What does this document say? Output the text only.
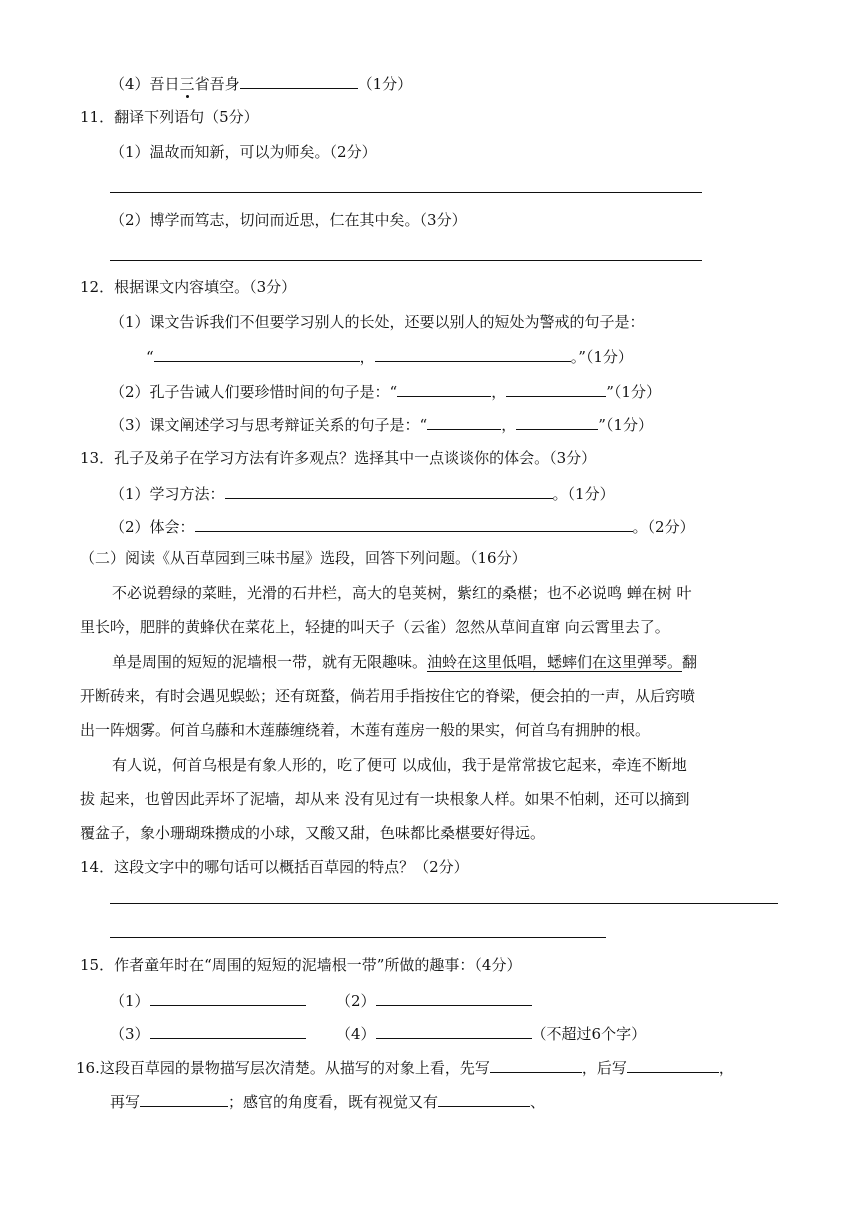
（4）吾日三省吾身	（1分）
11．翻译下列语句（5分）
（1）温故而知新，可以为师矣。（2分）
（2）博学而笃志，切问而近思，仁在其中矣。（3分）
12．根据课文内容填空。（3分）
（1）课文告诉我们不但要学习别人的长处，还要以别人的短处为警戒的句子是：
“	，	。”（1分）
（2）孔子告诫人们要珍惜时间的句子是：“	，	”（1分）
（3）课文阐述学习与思考辩证关系的句子是：“	，	”（1分）
13．孔子及弟子在学习方法有许多观点？选择其中一点谈谈你的体会。（3分）
（1）学习方法：	。（1分）
（2）体会：	。（2分）
（二）阅读《从百草园到三味书屋》选段，回答下列问题。（16分）
不必说碧绿的菜畦，光滑的石井栏，高大的皂荚树，紫红的桑椹；也不必说鸣 蝉在树 叶
里长吟，肥胖的黄蜂伏在菜花上，轻捷的叫天子（云雀）忽然从草间直窜 向云霄里去了。
单是周围的短短的泥墙根一带，就有无限趣味。油蛉在这里低唱，蟋蟀们在这里弹琴。翻
开断砖来，有时会遇见蜈蚣；还有斑蝥，倘若用手指按住它的脊梁，便会拍的一声，从后窍喷
出一阵烟雾。何首乌藤和木莲藤缠绕着，木莲有莲房一般的果实，何首乌有拥肿的根。
有人说，何首乌根是有象人形的，吃了便可 以成仙，我于是常常拔它起来，牵连不断地
拔 起来，也曾因此弄坏了泥墙，却从来 没有见过有一块根象人样。如果不怕刺，还可以摘到
覆盆子，象小珊瑚珠攒成的小球，又酸又甜，色味都比桑椹要好得远。
14．这段文字中的哪句话可以概括百草园的特点？（2分）
15．作者童年时在“周围的短短的泥墙根一带”所做的趣事：（4分）
（1）	（2）
（3）	（4）	（不超过6个字）
16.这段百草园的景物描写层次清楚。从描写的对象上看，先写	，后写	，
再写	；感官的角度看，既有视觉又有	、
